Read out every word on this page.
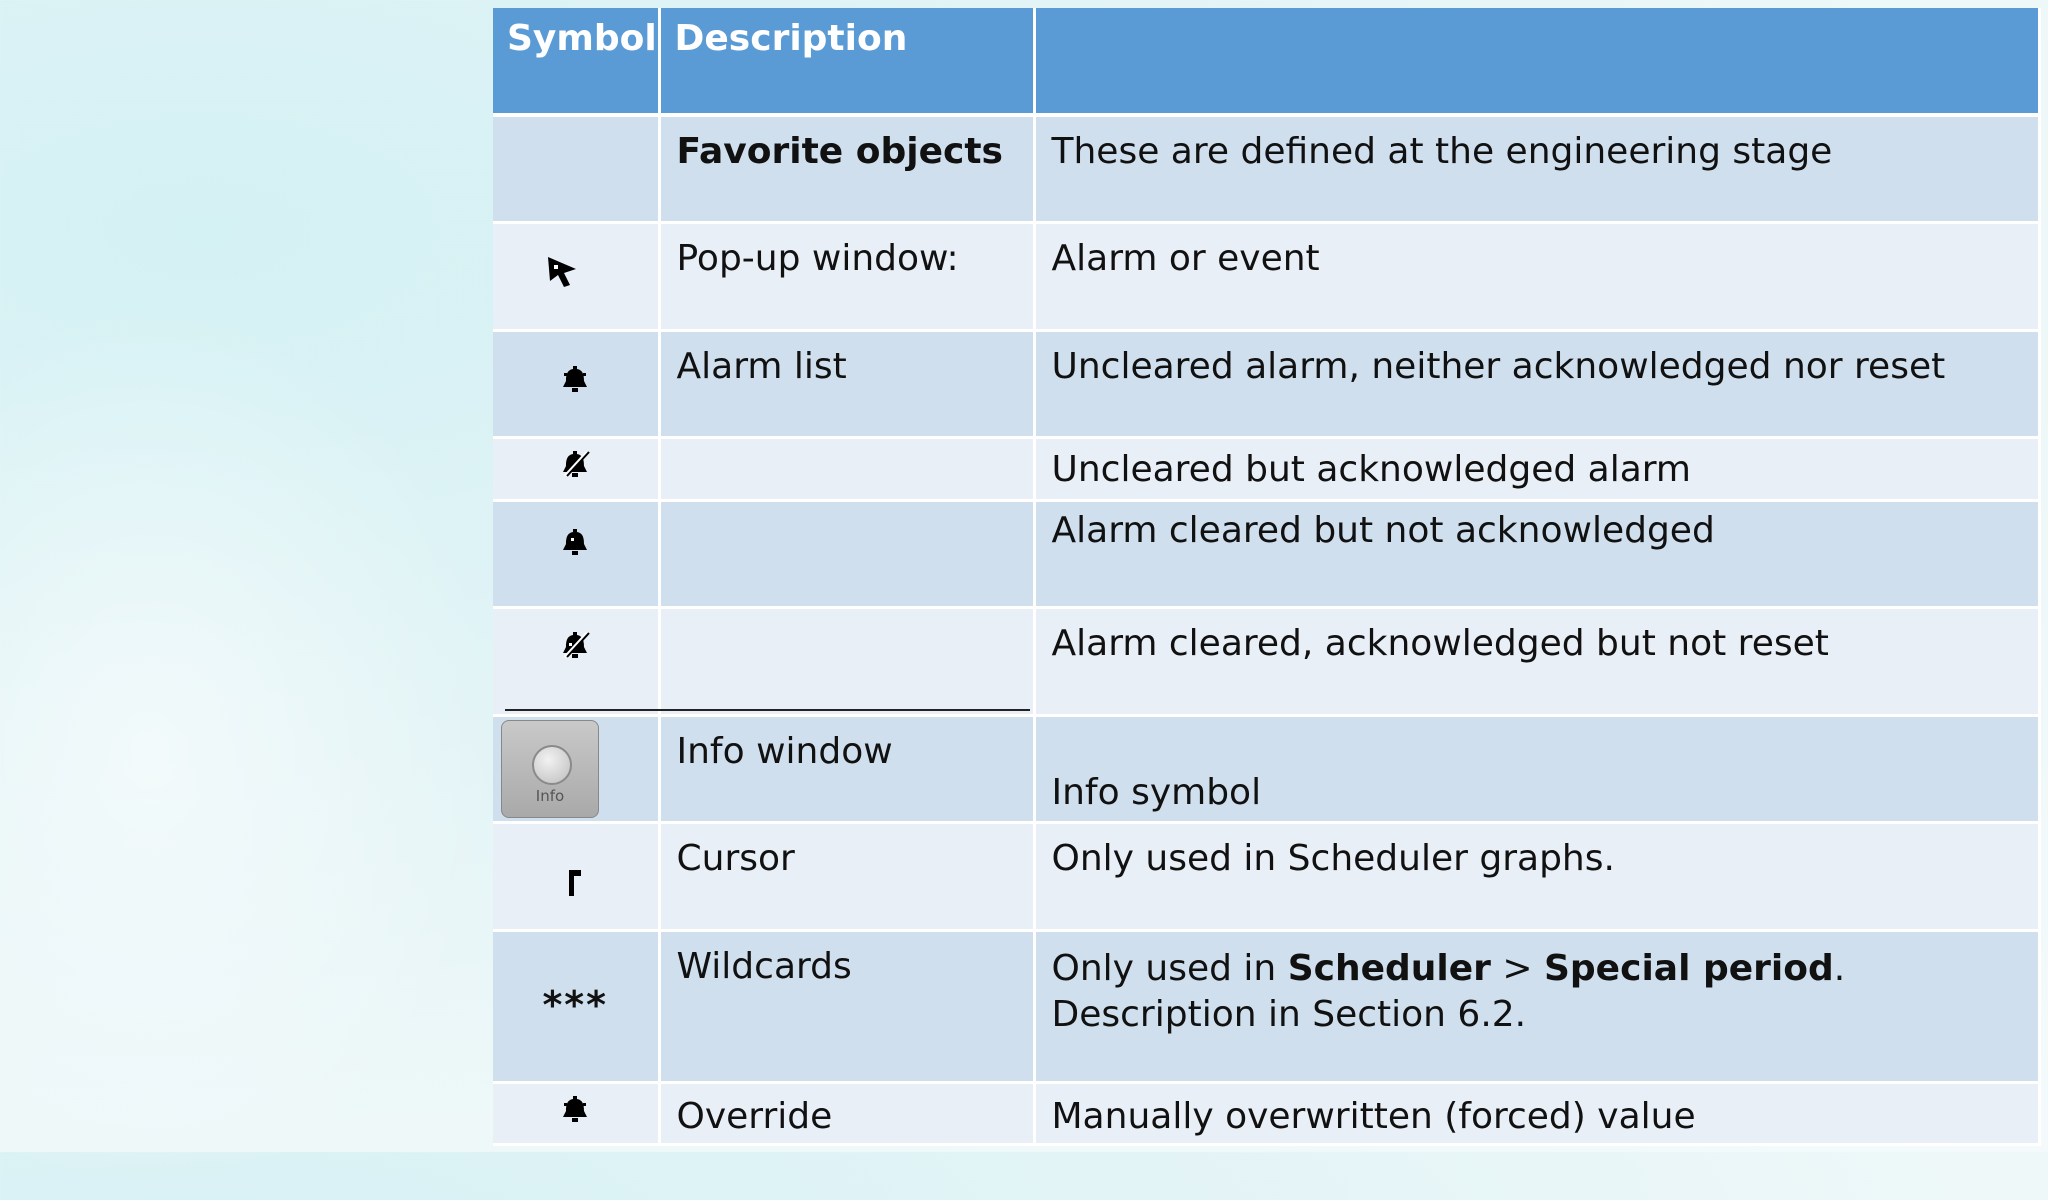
Symbol	Description	
	Favorite objects	These are defined at the engineering stage
	Pop-up window:	Alarm or event
	Alarm list	Uncleared alarm, neither acknowledged nor reset
		Uncleared but acknowledged alarm
		Alarm cleared but not acknowledged
		Alarm cleared, acknowledged but not reset

Info	Info window	Info symbol
	Cursor	Only used in Scheduler graphs.
***	Wildcards	Only used in Scheduler > Special period.
Description in Section 6.2.
	Override	Manually overwritten (forced) value
